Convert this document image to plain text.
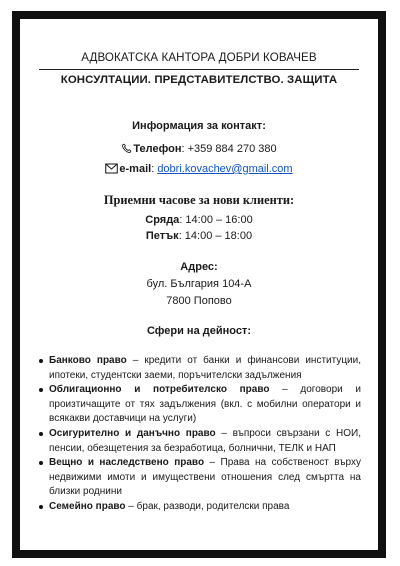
АДВОКАТСКА КАНТОРА ДОБРИ КОВАЧЕВ
КОНСУЛТАЦИИ. ПРЕДСТАВИТЕЛСТВО. ЗАЩИТА
Информация за контакт:
Телефон: +359 884 270 380
e-mail: dobri.kovachev@gmail.com
Приемни часове за нови клиенти:
Сряда: 14:00 – 16:00
Петък: 14:00 – 18:00
Адрес:
бул. България 104-А
7800 Попово
Сфери на дейност:
Банково право – кредити от банки и финансови институции, ипотеки, студентски заеми, поръчителски задължения
Облигационно и потребителско право – договори и произтичащите от тях задължения (вкл. с мобилни оператори и всякакви доставчици на услуги)
Осигурително и данъчно право – въпроси свързани с НОИ, пенсии, обезщетения за безработица, болнични, ТЕЛК и НАП
Вещно и наследствено право – Права на собственост върху недвижими имоти и имуществени отношения след смъртта на близки роднини
Семейно право – брак, разводи, родителски права
